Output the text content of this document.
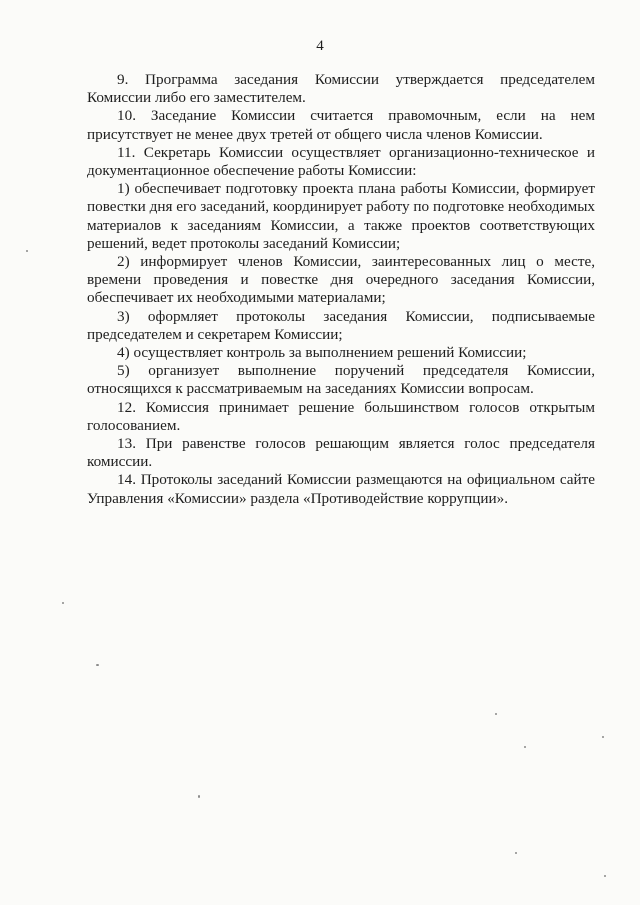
4

9. Программа заседания Комиссии утверждается председателем Комиссии либо его заместителем.

10. Заседание Комиссии считается правомочным, если на нем присутствует не менее двух третей от общего числа членов Комиссии.

11. Секретарь Комиссии осуществляет организационно-техническое и документационное обеспечение работы Комиссии:

1) обеспечивает подготовку проекта плана работы Комиссии, формирует повестки дня его заседаний, координирует работу по подготовке необходимых материалов к заседаниям Комиссии, а также проектов соответствующих решений, ведет протоколы заседаний Комиссии;

2) информирует членов Комиссии, заинтересованных лиц о месте, времени проведения и повестке дня очередного заседания Комиссии, обеспечивает их необходимыми материалами;

3) оформляет протоколы заседания Комиссии, подписываемые председателем и секретарем Комиссии;

4) осуществляет контроль за выполнением решений Комиссии;

5) организует выполнение поручений председателя Комиссии, относящихся к рассматриваемым на заседаниях Комиссии вопросам.

12. Комиссия принимает решение большинством голосов открытым голосованием.

13. При равенстве голосов решающим является голос председателя комиссии.

14. Протоколы заседаний Комиссии размещаются на официальном сайте Управления «Комиссии» раздела «Противодействие коррупции».
